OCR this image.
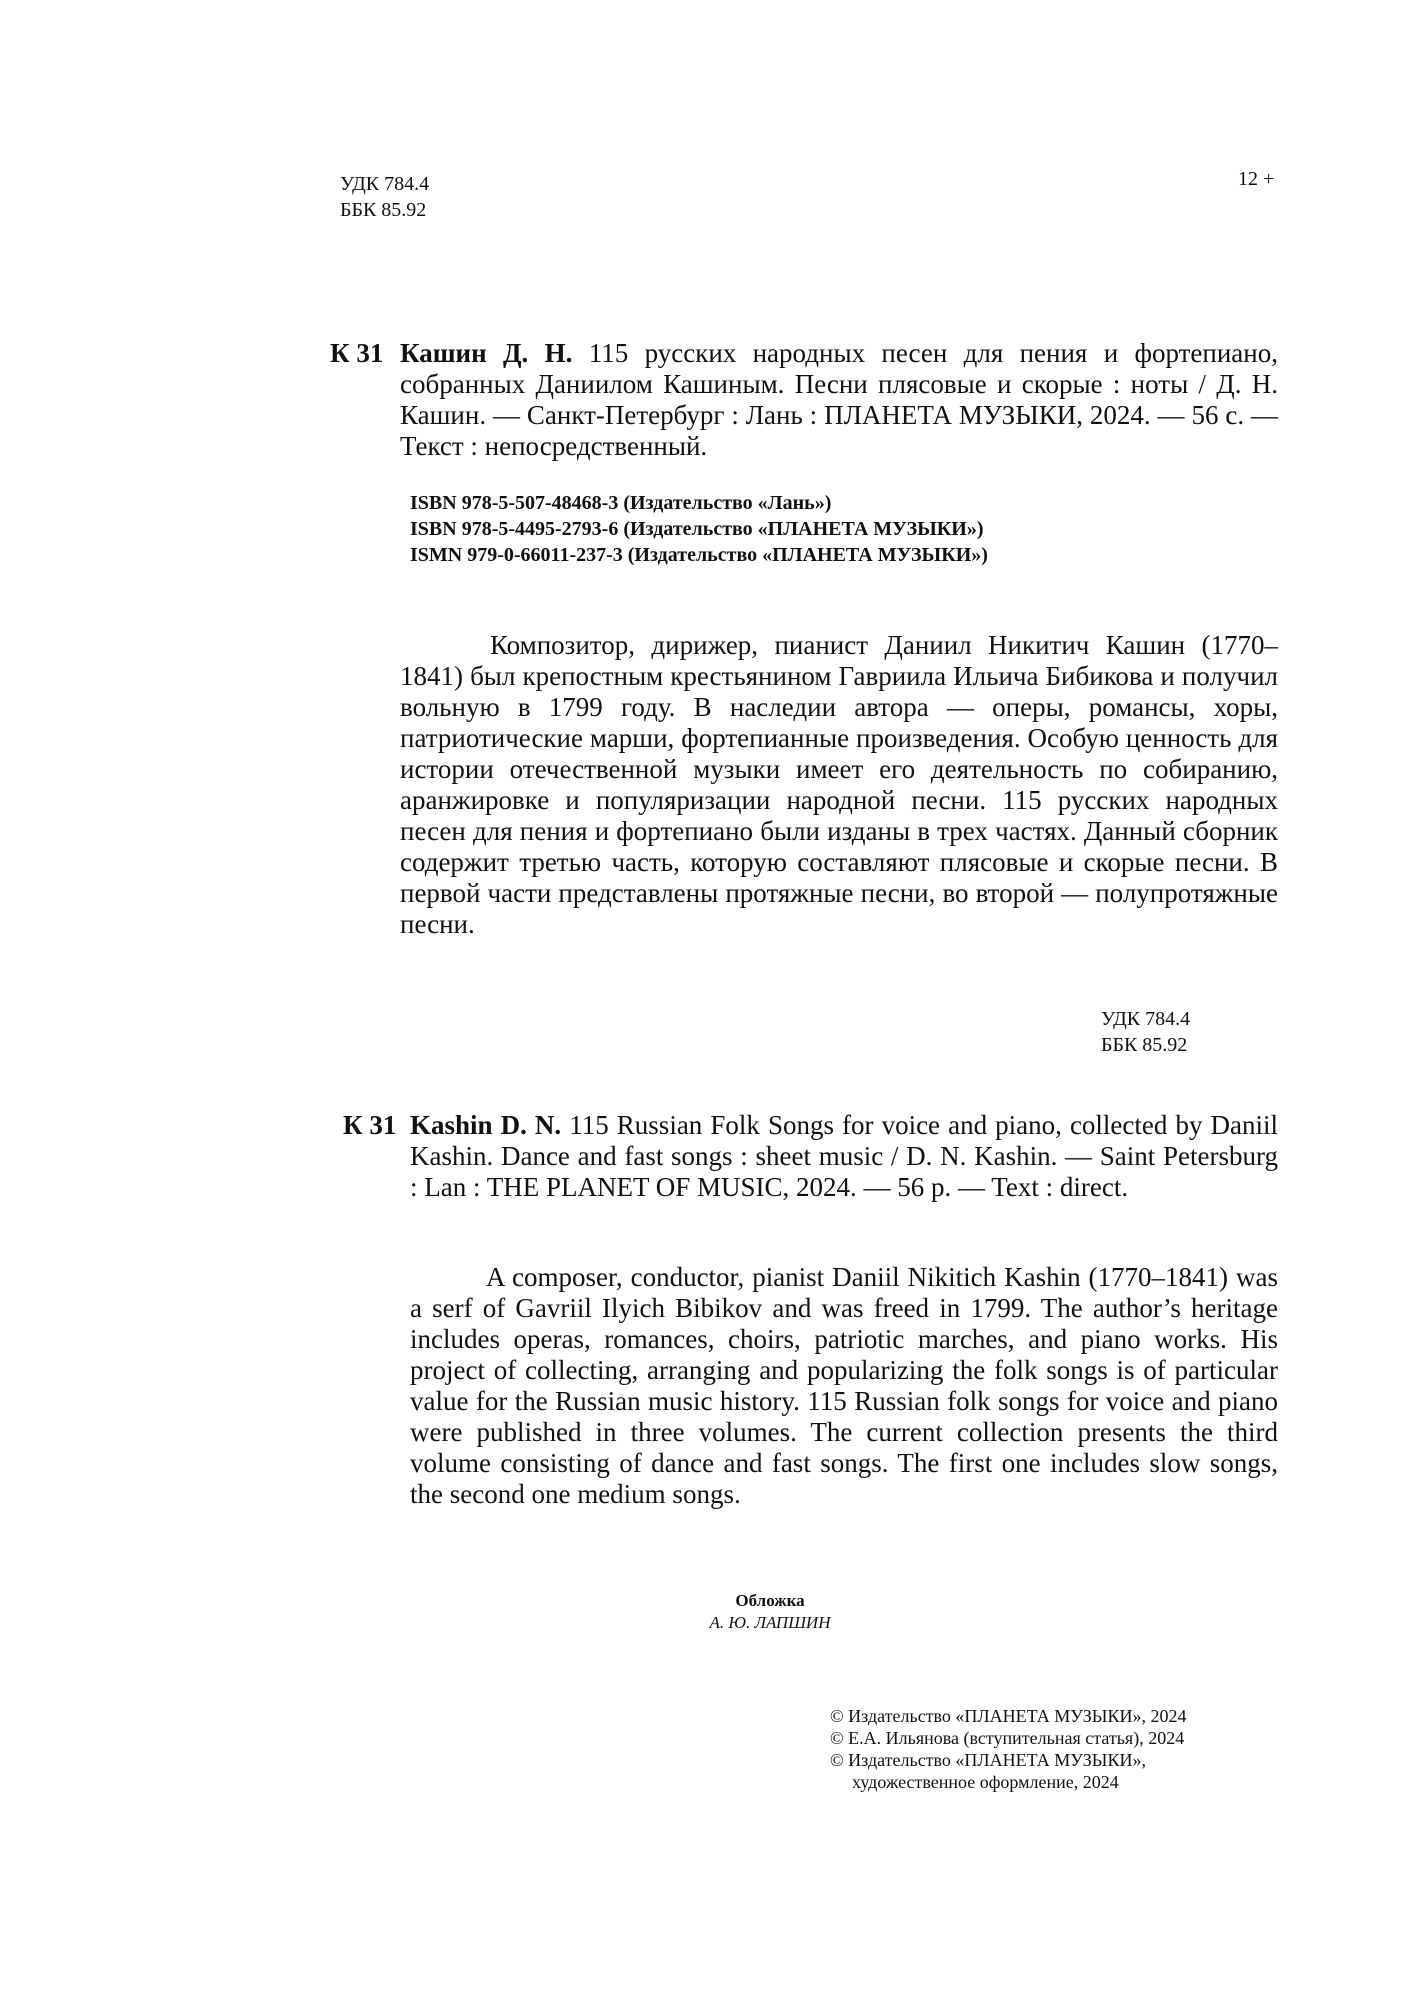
УДК 784.4
ББК 85.92
12 +
К 31 Кашин Д. Н. 115 русских народных песен для пения и фортепиано, собранных Даниилом Кашиным. Песни плясовые и скорые : ноты / Д. Н. Кашин. — Санкт-Петербург : Лань : ПЛАНЕТА МУЗЫКИ, 2024. — 56 с. — Текст : непосредственный.

ISBN 978-5-507-48468-3 (Издательство «Лань»)
ISBN 978-5-4495-2793-6 (Издательство «ПЛАНЕТА МУЗЫКИ»)
ISMN 979-0-66011-237-3 (Издательство «ПЛАНЕТА МУЗЫКИ»)

Композитор, дирижер, пианист Даниил Никитич Кашин (1770–1841) был крепостным крестьянином Гавриила Ильича Бибикова и получил вольную в 1799 году. В наследии автора — оперы, романсы, хоры, патриотические марши, фортепианные произведения. Особую ценность для истории отечественной музыки имеет его деятельность по собиранию, аранжировке и популяризации народной песни. 115 русских народных песен для пения и фортепиано были изданы в трех частях. Данный сборник содержит третью часть, которую составляют плясовые и скорые песни. В первой части представлены протяжные песни, во второй — полупротяжные песни.

УДК 784.4
ББК 85.92
К 31 Kashin D. N. 115 Russian Folk Songs for voice and piano, collected by Daniil Kashin. Dance and fast songs : sheet music / D. N. Kashin. — Saint Petersburg : Lan : THE PLANET OF MUSIC, 2024. — 56 p. — Text : direct.

A composer, conductor, pianist Daniil Nikitich Kashin (1770–1841) was a serf of Gavriil Ilyich Bibikov and was freed in 1799. The author’s heritage includes operas, romances, choirs, patriotic marches, and piano works. His project of collecting, arranging and popularizing the folk songs is of particular value for the Russian music history. 115 Russian folk songs for voice and piano were published in three volumes. The current collection presents the third volume consisting of dance and fast songs. The first one includes slow songs, the second one medium songs.

Обложка
А. Ю. ЛАПШИН
© Издательство «ПЛАНЕТА МУЗЫКИ», 2024
© Е.А. Ильянова (вступительная статья), 2024
© Издательство «ПЛАНЕТА МУЗЫКИ»,
художественное оформление, 2024
